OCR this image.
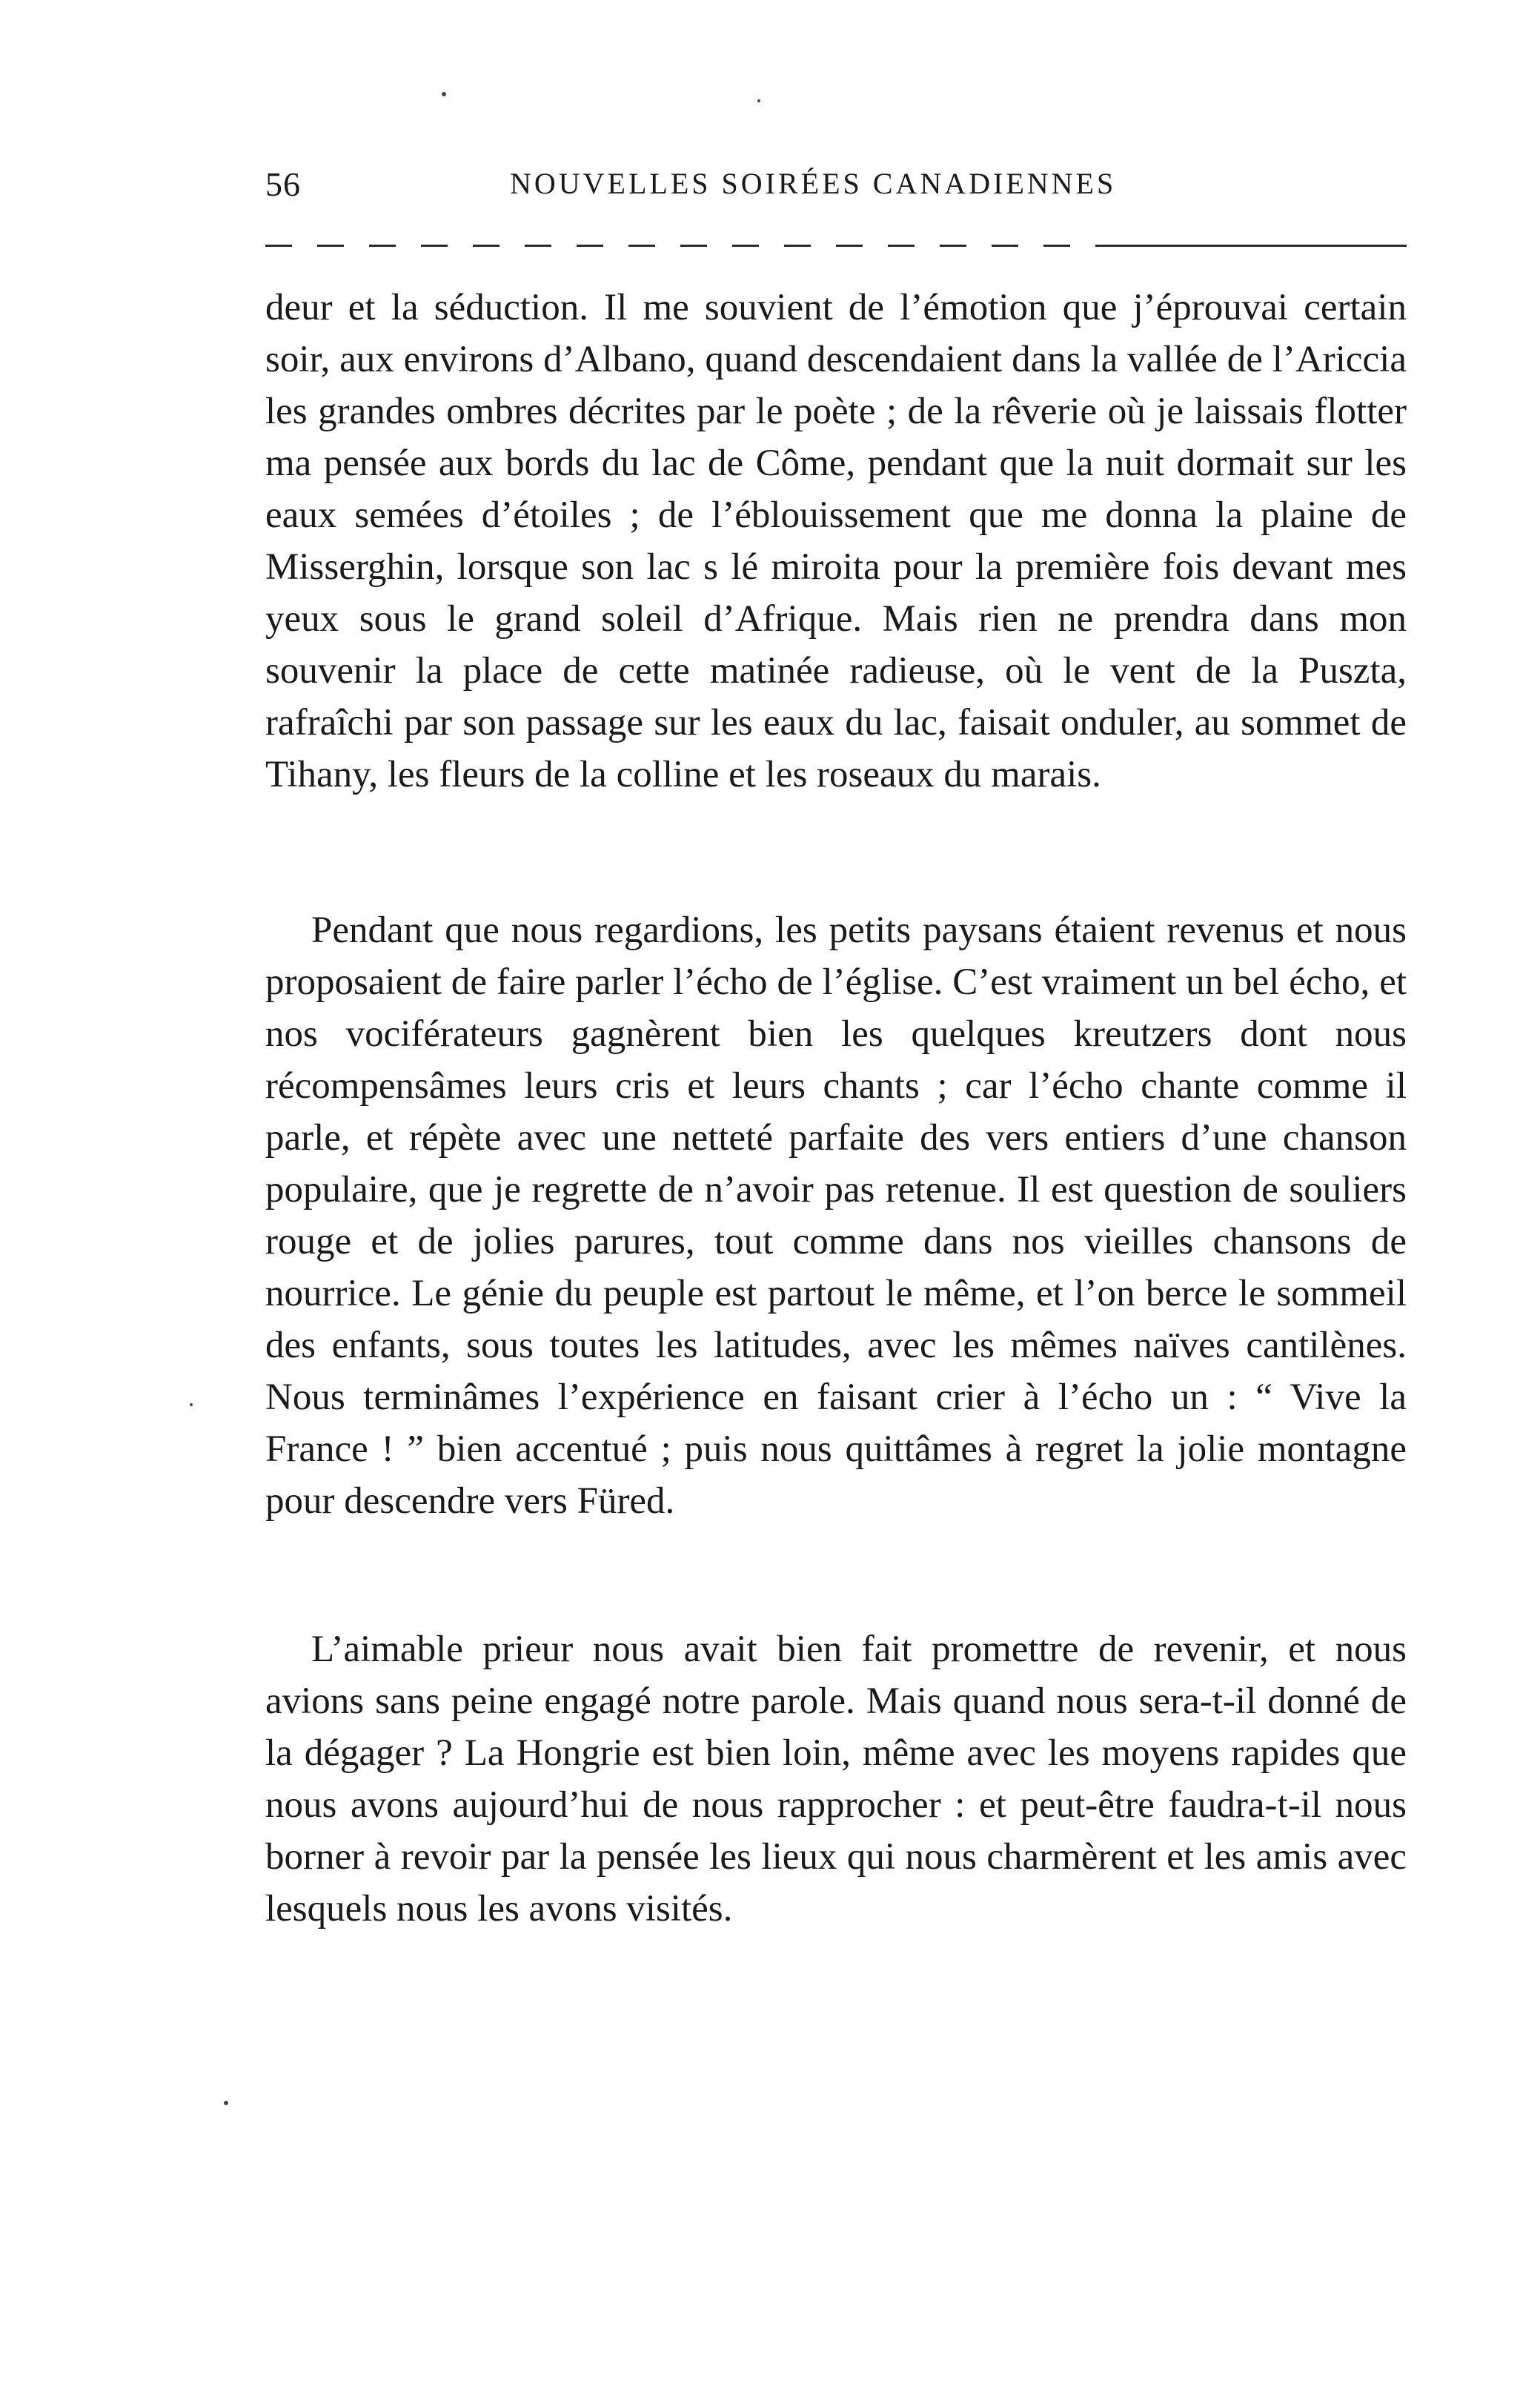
56	NOUVELLES SOIRÉES CANADIENNES

deur et la séduction. Il me souvient de l’émotion que j’éprouvai certain soir, aux environs d’Albano, quand descendaient dans la vallée de l’Ariccia les grandes ombres décrites par le poète ; de la rêverie où je laissais flotter ma pensée aux bords du lac de Côme, pendant que la nuit dormait sur les eaux semées d’étoiles ; de l’éblouissement que me donna la plaine de Misserghin, lorsque son lac s lé miroita pour la première fois devant mes yeux sous le grand soleil d’Afrique. Mais rien ne prendra dans mon souvenir la place de cette matinée radieuse, où le vent de la Puszta, rafraîchi par son passage sur les eaux du lac, faisait onduler, au sommet de Tihany, les fleurs de la colline et les roseaux du marais.

Pendant que nous regardions, les petits paysans étaient revenus et nous proposaient de faire parler l’écho de l’église. C’est vraiment un bel écho, et nos vociférateurs gagnèrent bien les quelques kreutzers dont nous récompensâmes leurs cris et leurs chants ; car l’écho chante comme il parle, et répète avec une netteté parfaite des vers entiers d’une chanson populaire, que je regrette de n’avoir pas retenue. Il est question de souliers rouge et de jolies parures, tout comme dans nos vieilles chansons de nourrice. Le génie du peuple est partout le même, et l’on berce le sommeil des enfants, sous toutes les latitudes, avec les mêmes naïves cantilènes. Nous terminâmes l’expérience en faisant crier à l’écho un : “ Vive la France ! ” bien accentué ; puis nous quittâmes à regret la jolie montagne pour descendre vers Füred.

L’aimable prieur nous avait bien fait promettre de revenir, et nous avions sans peine engagé notre parole. Mais quand nous sera-t-il donné de la dégager ? La Hongrie est bien loin, même avec les moyens rapides que nous avons aujourd’hui de nous rapprocher : et peut-être faudra-t-il nous borner à revoir par la pensée les lieux qui nous charmèrent et les amis avec lesquels nous les avons visités.
